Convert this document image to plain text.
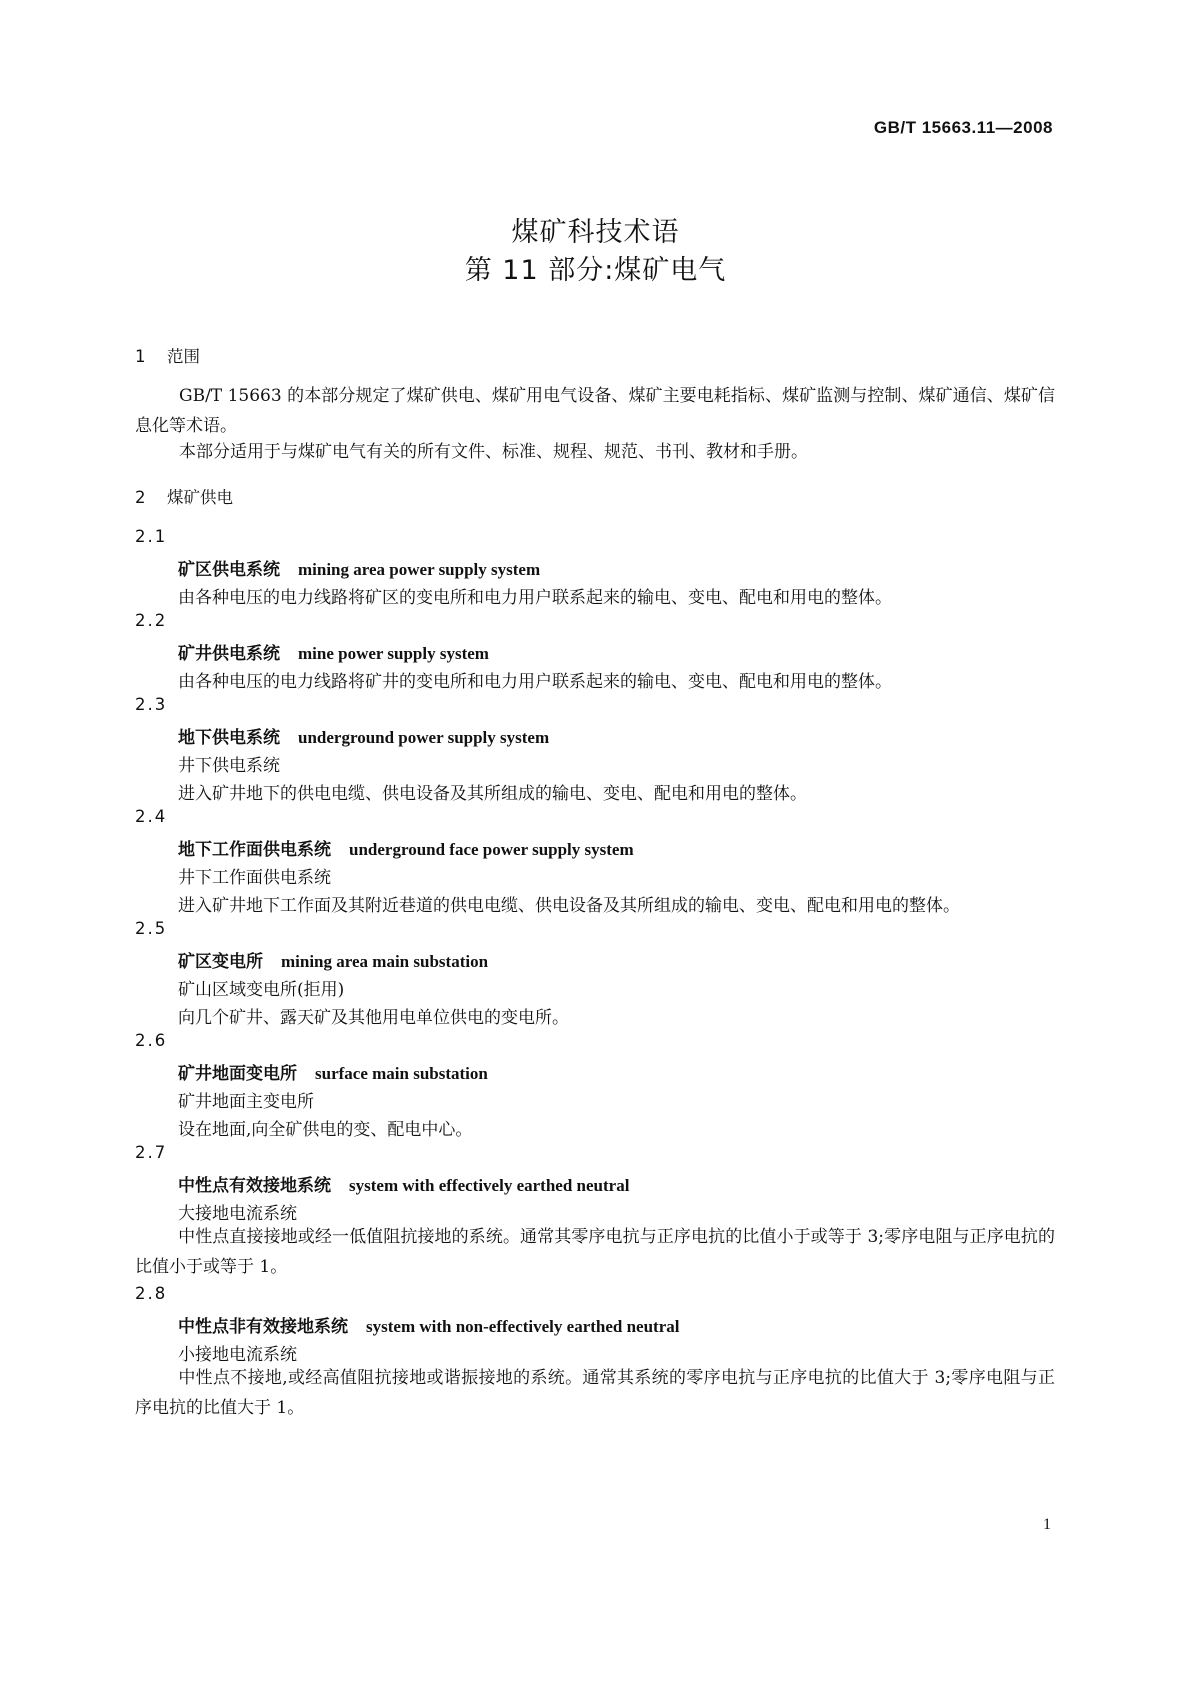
GB/T 15663.11—2008
煤矿科技术语
第 11 部分:煤矿电气
1 范围
GB/T 15663 的本部分规定了煤矿供电、煤矿用电气设备、煤矿主要电耗指标、煤矿监测与控制、煤矿通信、煤矿信息化等术语。
本部分适用于与煤矿电气有关的所有文件、标准、规程、规范、书刊、教材和手册。
2 煤矿供电
2.1
矿区供电系统 mining area power supply system
由各种电压的电力线路将矿区的变电所和电力用户联系起来的输电、变电、配电和用电的整体。
2.2
矿井供电系统 mine power supply system
由各种电压的电力线路将矿井的变电所和电力用户联系起来的输电、变电、配电和用电的整体。
2.3
地下供电系统 underground power supply system
井下供电系统
进入矿井地下的供电电缆、供电设备及其所组成的输电、变电、配电和用电的整体。
2.4
地下工作面供电系统 underground face power supply system
井下工作面供电系统
进入矿井地下工作面及其附近巷道的供电电缆、供电设备及其所组成的输电、变电、配电和用电的整体。
2.5
矿区变电所 mining area main substation
矿山区域变电所(拒用)
向几个矿井、露天矿及其他用电单位供电的变电所。
2.6
矿井地面变电所 surface main substation
矿井地面主变电所
设在地面,向全矿供电的变、配电中心。
2.7
中性点有效接地系统 system with effectively earthed neutral
大接地电流系统
中性点直接接地或经一低值阻抗接地的系统。通常其零序电抗与正序电抗的比值小于或等于 3;零序电阻与正序电抗的比值小于或等于 1。
2.8
中性点非有效接地系统 system with non-effectively earthed neutral
小接地电流系统
中性点不接地,或经高值阻抗接地或谐振接地的系统。通常其系统的零序电抗与正序电抗的比值大于 3;零序电阻与正序电抗的比值大于 1。
1
